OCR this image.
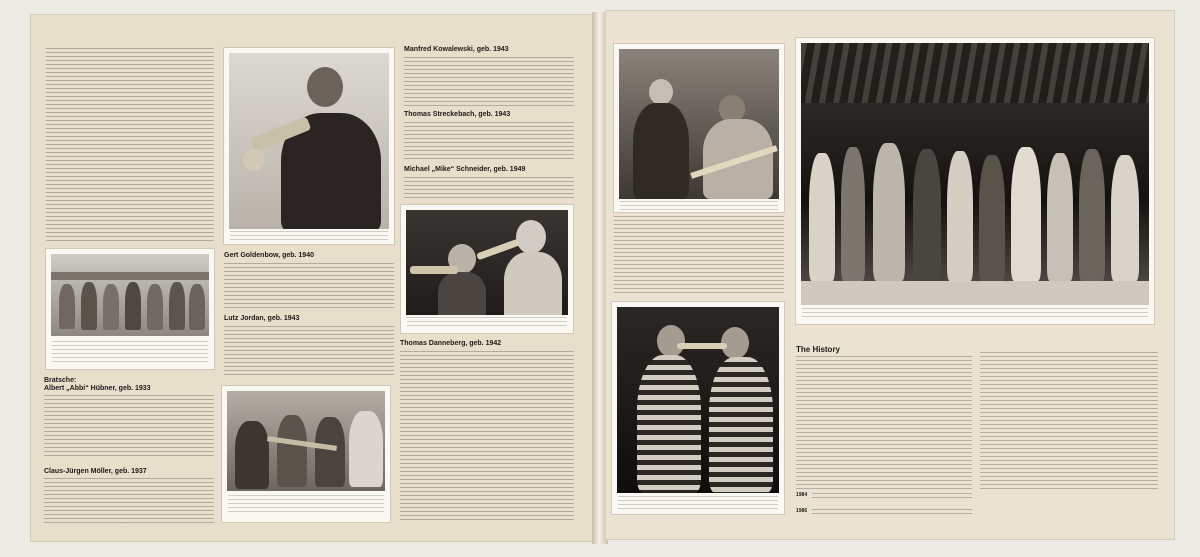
Bratsche:
Albert „Abbi“ Hübner, geb. 1933
Claus-Jürgen Möller, geb. 1937
Gert Goldenbow, geb. 1940
Lutz Jordan, geb. 1943
Manfred Kowalewski, geb. 1943
Thomas Streckebach, geb. 1943
Michael „Mike“ Schneider, geb. 1949
Thomas Danneberg, geb. 1942
The History
1984
1986
